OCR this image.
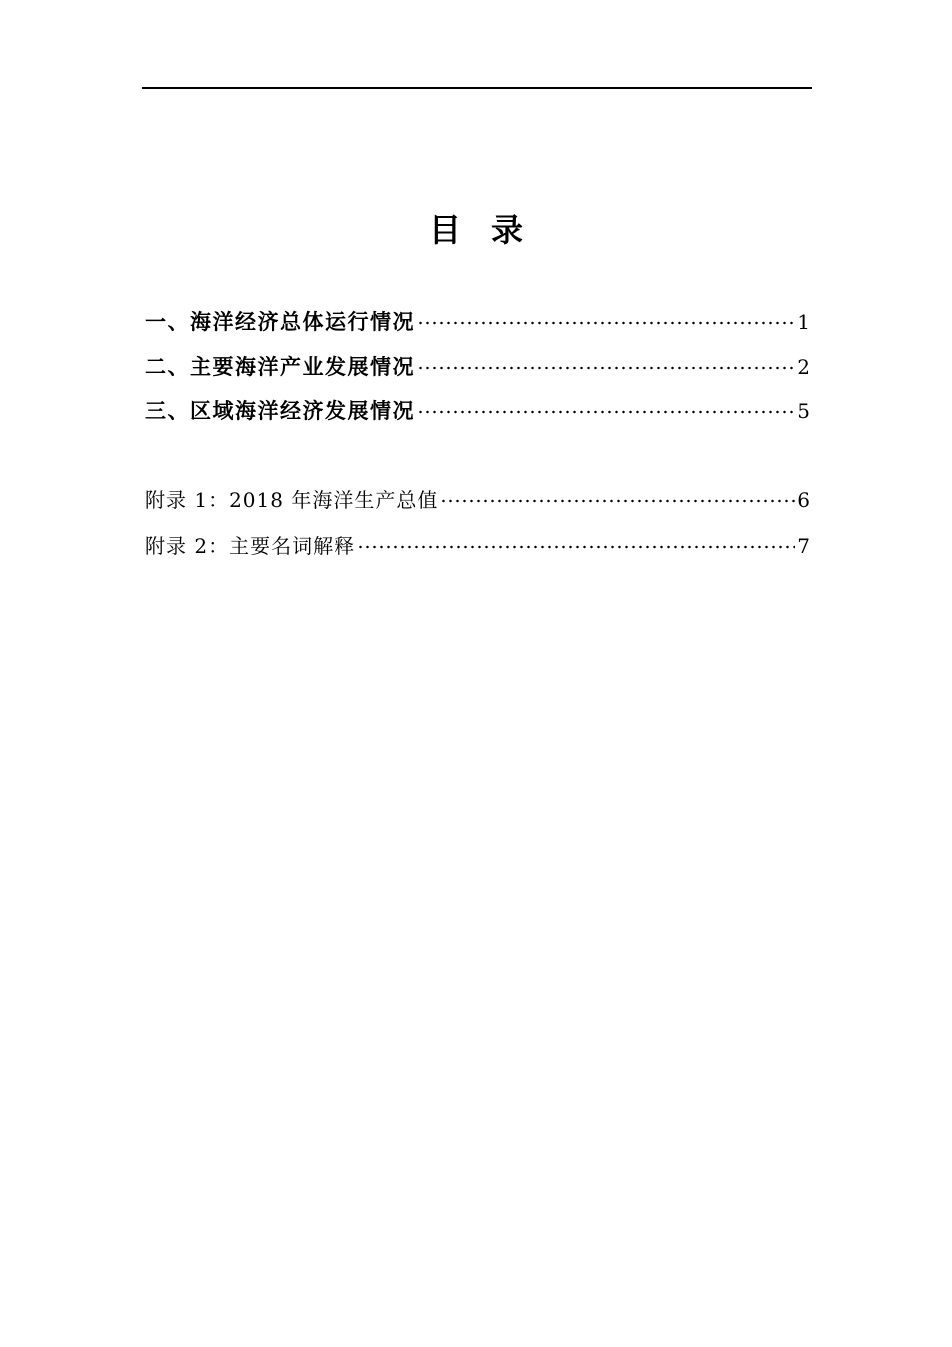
目 录
一、海洋经济总体运行情况	1
二、主要海洋产业发展情况	2
三、区域海洋经济发展情况	5
附录 1：2018 年海洋生产总值	6
附录 2：主要名词解释	7
